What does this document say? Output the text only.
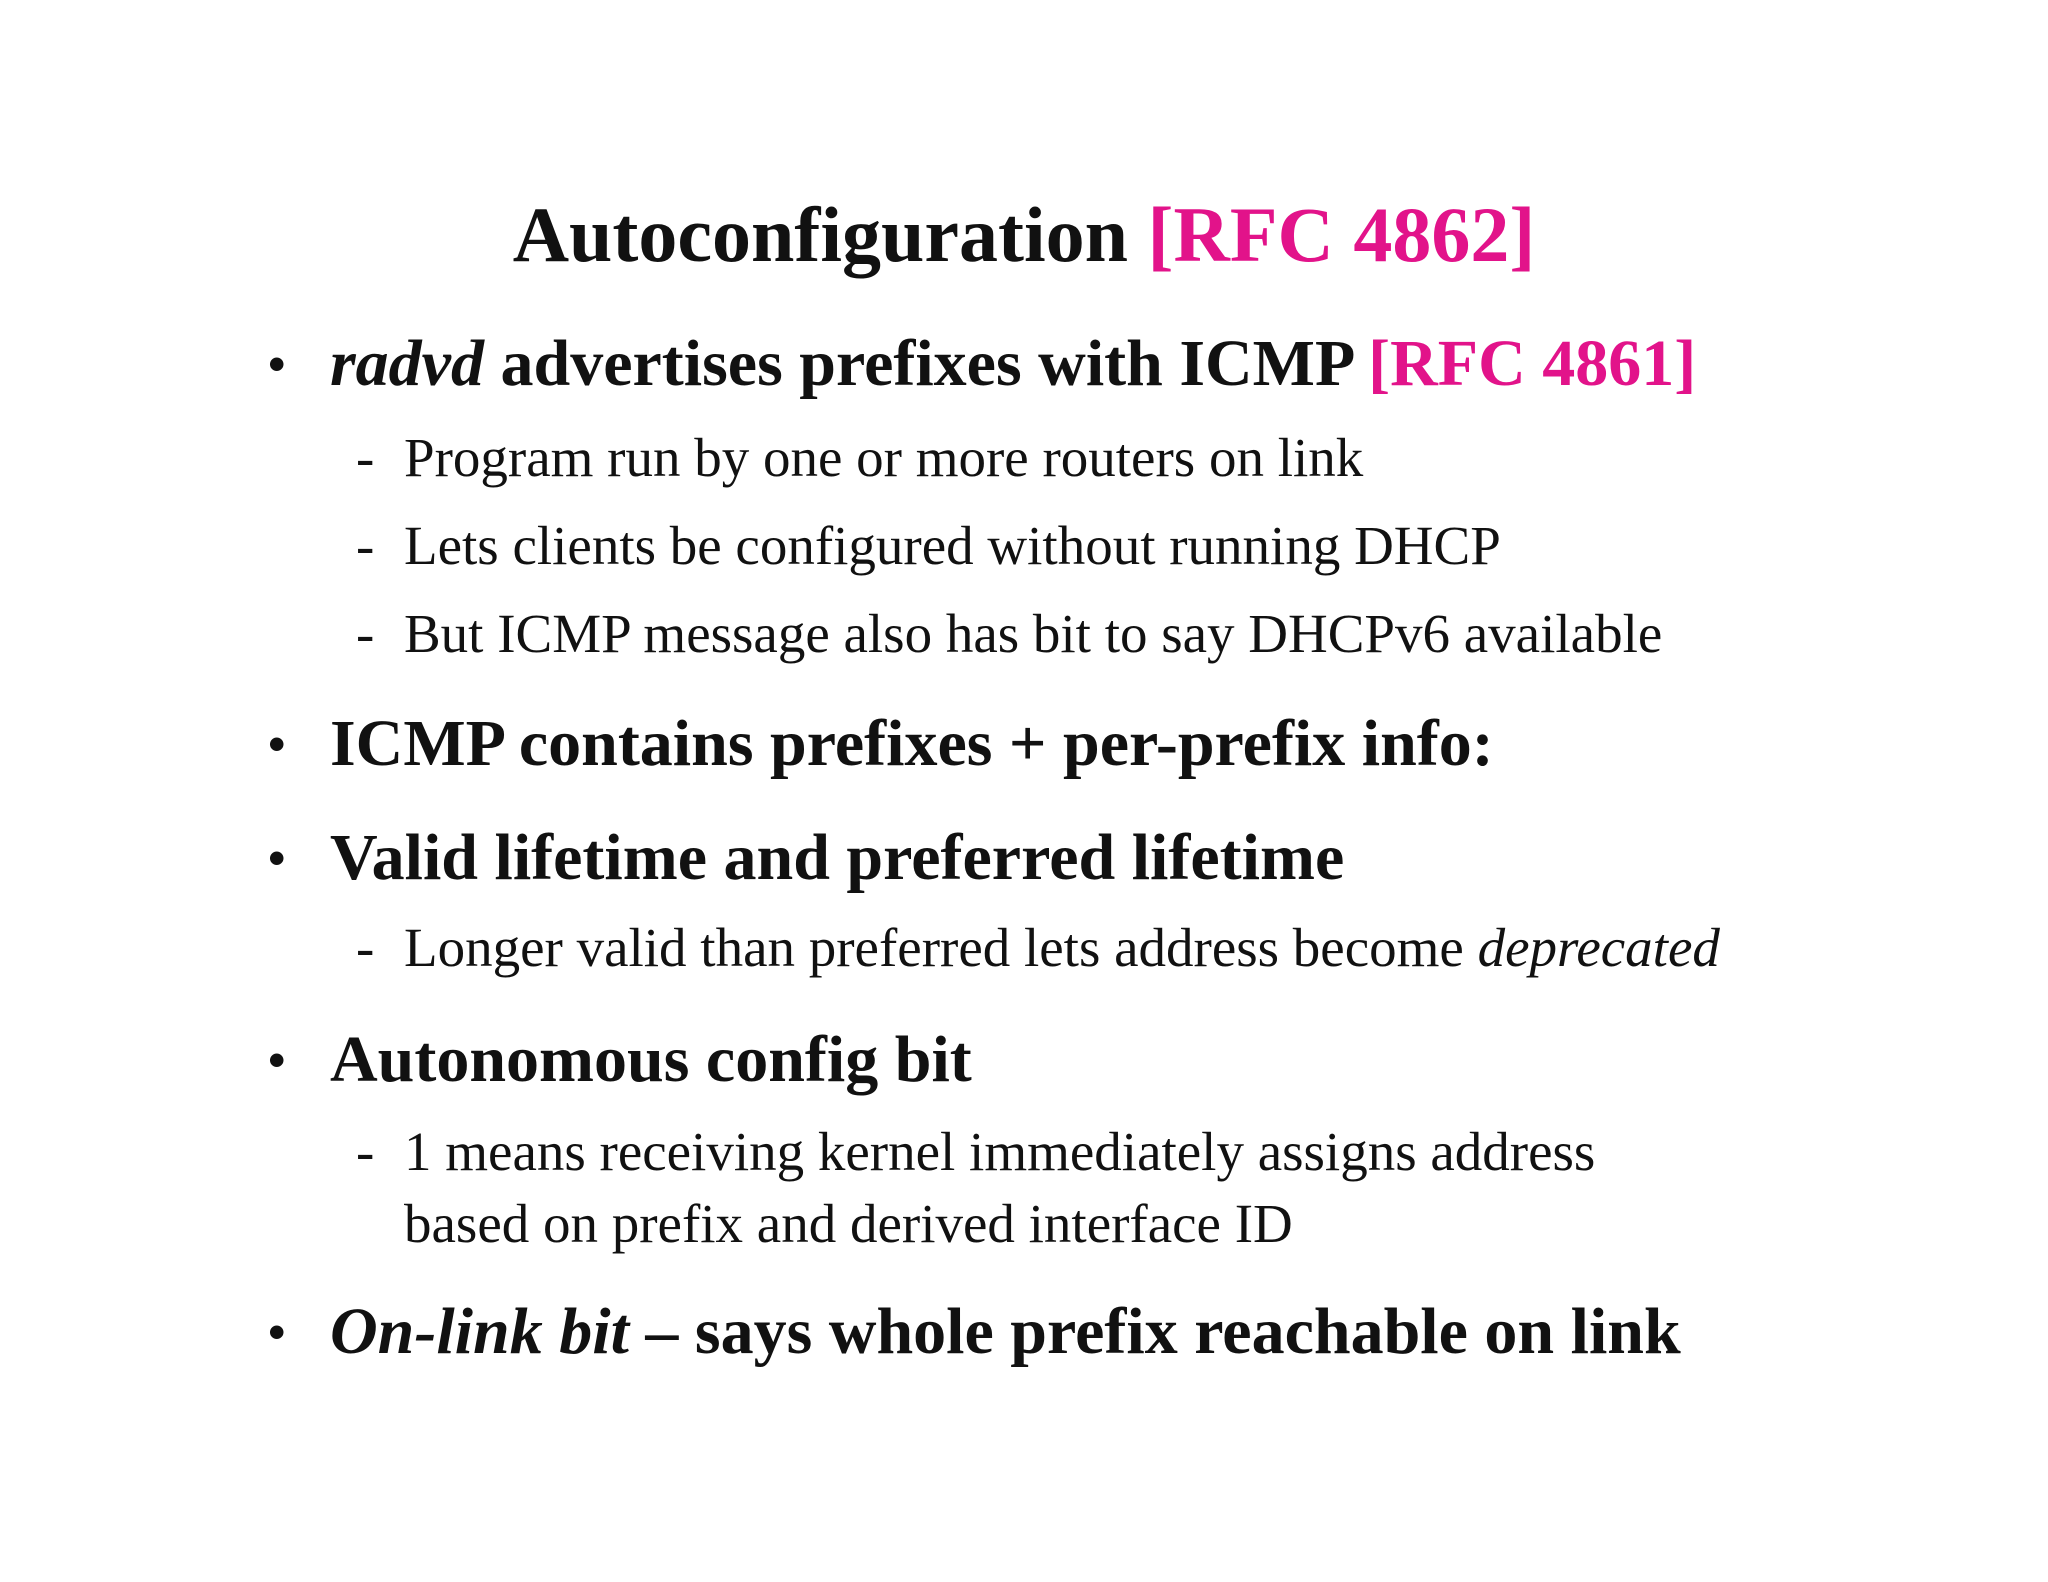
Autoconfiguration [RFC 4862]
• radvd advertises prefixes with ICMP [RFC 4861]
- Program run by one or more routers on link
- Lets clients be configured without running DHCP
- But ICMP message also has bit to say DHCPv6 available
• ICMP contains prefixes + per-prefix info:
• Valid lifetime and preferred lifetime
- Longer valid than preferred lets address become deprecated
• Autonomous config bit
- 1 means receiving kernel immediately assigns address
based on prefix and derived interface ID
• On-link bit – says whole prefix reachable on link
